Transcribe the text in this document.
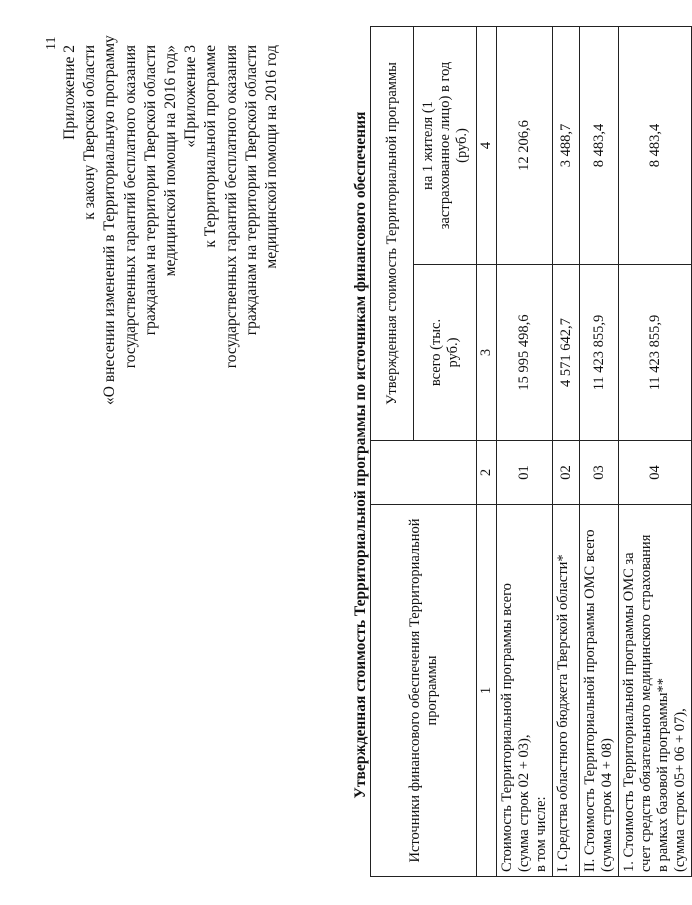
11
Приложение 2 к закону Тверской области «О внесении изменений в Территориальную программу государственных гарантий бесплатного оказания гражданам на территории Тверской области медицинской помощи на 2016 год» «Приложение 3 к Территориальной программе государственных гарантий бесплатного оказания гражданам на территории Тверской области медицинской помощи на 2016 год	Утвержденная стоимость Территориальной программы по источникам финансового обеспечения	Источники финансового обеспечения Территориальной программы		Утвержденная стоимость Территориальной программы	
		всего (тыс. руб.)	на 1 жителя (1 застрахованное лицо) в год (руб.)
1	2	3	4

Стоимость Территориальной программы всего (сумма строк 02 + 03), в том числе:	01	15 995 498,6	12 206,6

I. Средства областного бюджета Тверской области*	02	4 571 642,7	3 488,7

II. Стоимость Территориальной программы ОМС всего (сумма строк 04 + 08)	03	11 423 855,9	8 483,4

1. Стоимость Территориальной программы ОМС за счет средств обязательного медицинского страхования в рамках базовой программы** (сумма строк 05+ 06 + 07),	04	11 423 855,9	8 483,4
